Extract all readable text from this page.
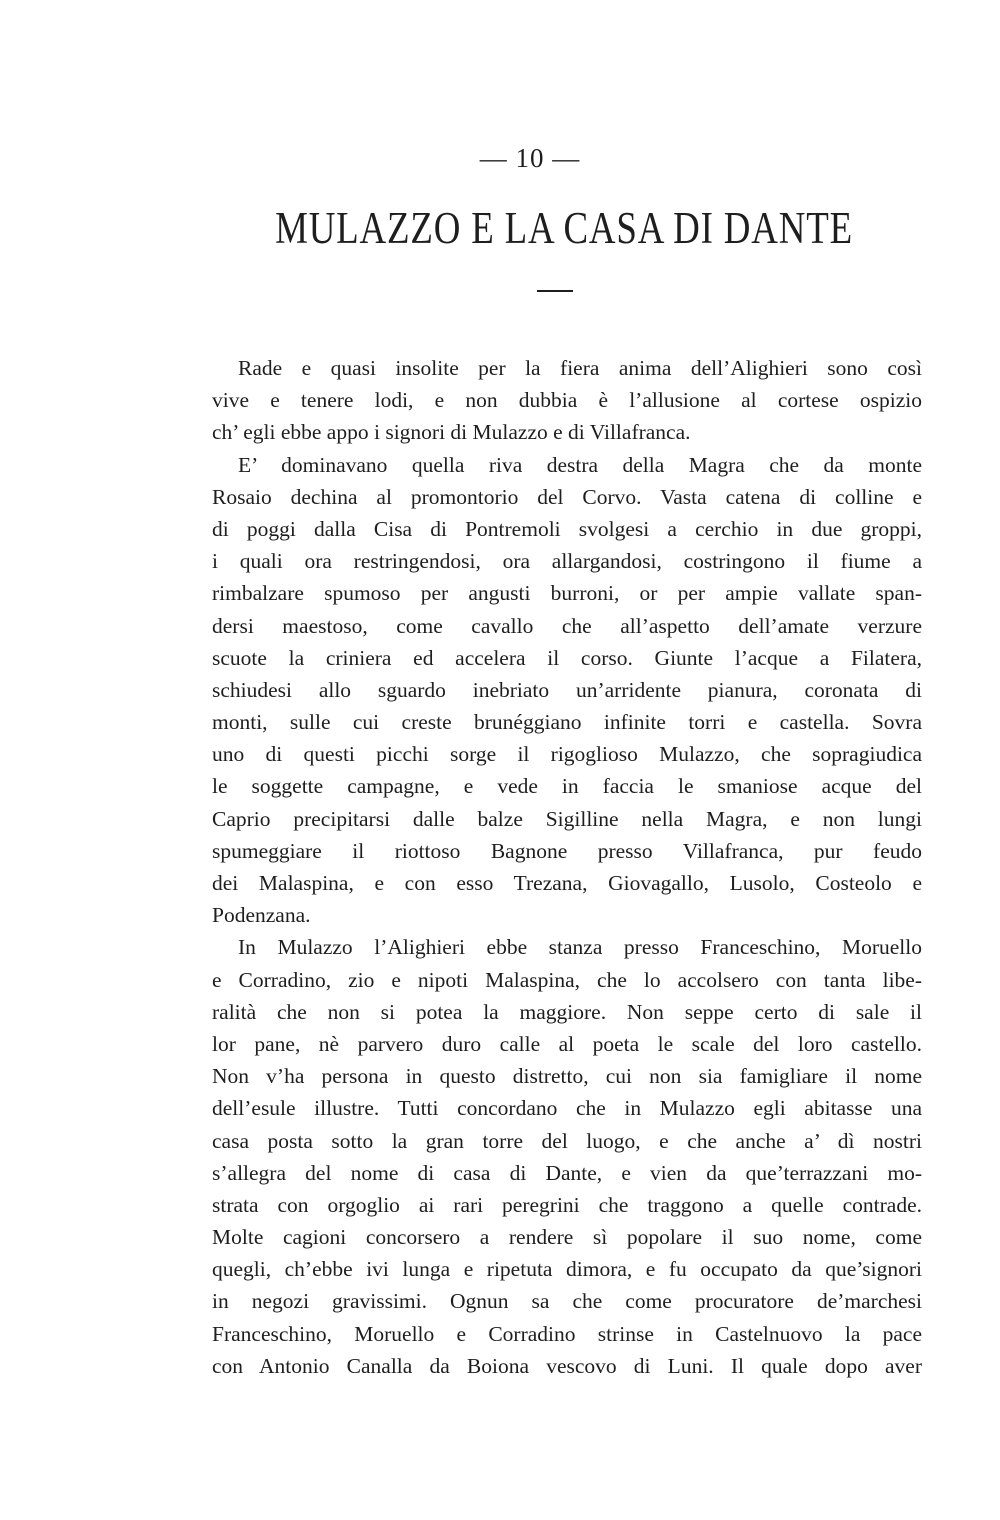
— 10 —
MULAZZO E LA CASA DI DANTE
Rade e quasi insolite per la fiera anima dell’Alighieri sono così
vive e tenere lodi, e non dubbia è l’allusione al cortese ospizio
ch’ egli ebbe appo i signori di Mulazzo e di Villafranca.
E’ dominavano quella riva destra della Magra che da monte
Rosaio dechina al promontorio del Corvo. Vasta catena di colline e
di poggi dalla Cisa di Pontremoli svolgesi a cerchio in due groppi,
i quali ora restringendosi, ora allargandosi, costringono il fiume a
rimbalzare spumoso per angusti burroni, or per ampie vallate span-
dersi maestoso, come cavallo che all’aspetto dell’amate verzure
scuote la criniera ed accelera il corso. Giunte l’acque a Filatera,
schiudesi allo sguardo inebriato un’arridente pianura, coronata di
monti, sulle cui creste brunéggiano infinite torri e castella. Sovra
uno di questi picchi sorge il rigoglioso Mulazzo, che sopragiudica
le soggette campagne, e vede in faccia le smaniose acque del
Caprio precipitarsi dalle balze Sigilline nella Magra, e non lungi
spumeggiare il riottoso Bagnone presso Villafranca, pur feudo
dei Malaspina, e con esso Trezana, Giovagallo, Lusolo, Costeolo e
Podenzana.
In Mulazzo l’Alighieri ebbe stanza presso Franceschino, Moruello
e Corradino, zio e nipoti Malaspina, che lo accolsero con tanta libe-
ralità che non si potea la maggiore. Non seppe certo di sale il
lor pane, nè parvero duro calle al poeta le scale del loro castello.
Non v’ha persona in questo distretto, cui non sia famigliare il nome
dell’esule illustre. Tutti concordano che in Mulazzo egli abitasse una
casa posta sotto la gran torre del luogo, e che anche a’ dì nostri
s’allegra del nome di casa di Dante, e vien da que’terrazzani mo-
strata con orgoglio ai rari peregrini che traggono a quelle contrade.
Molte cagioni concorsero a rendere sì popolare il suo nome, come
quegli, ch’ebbe ivi lunga e ripetuta dimora, e fu occupato da que’signori
in negozi gravissimi. Ognun sa che come procuratore de’marchesi
Franceschino, Moruello e Corradino strinse in Castelnuovo la pace
con Antonio Canalla da Boiona vescovo di Luni. Il quale dopo aver
